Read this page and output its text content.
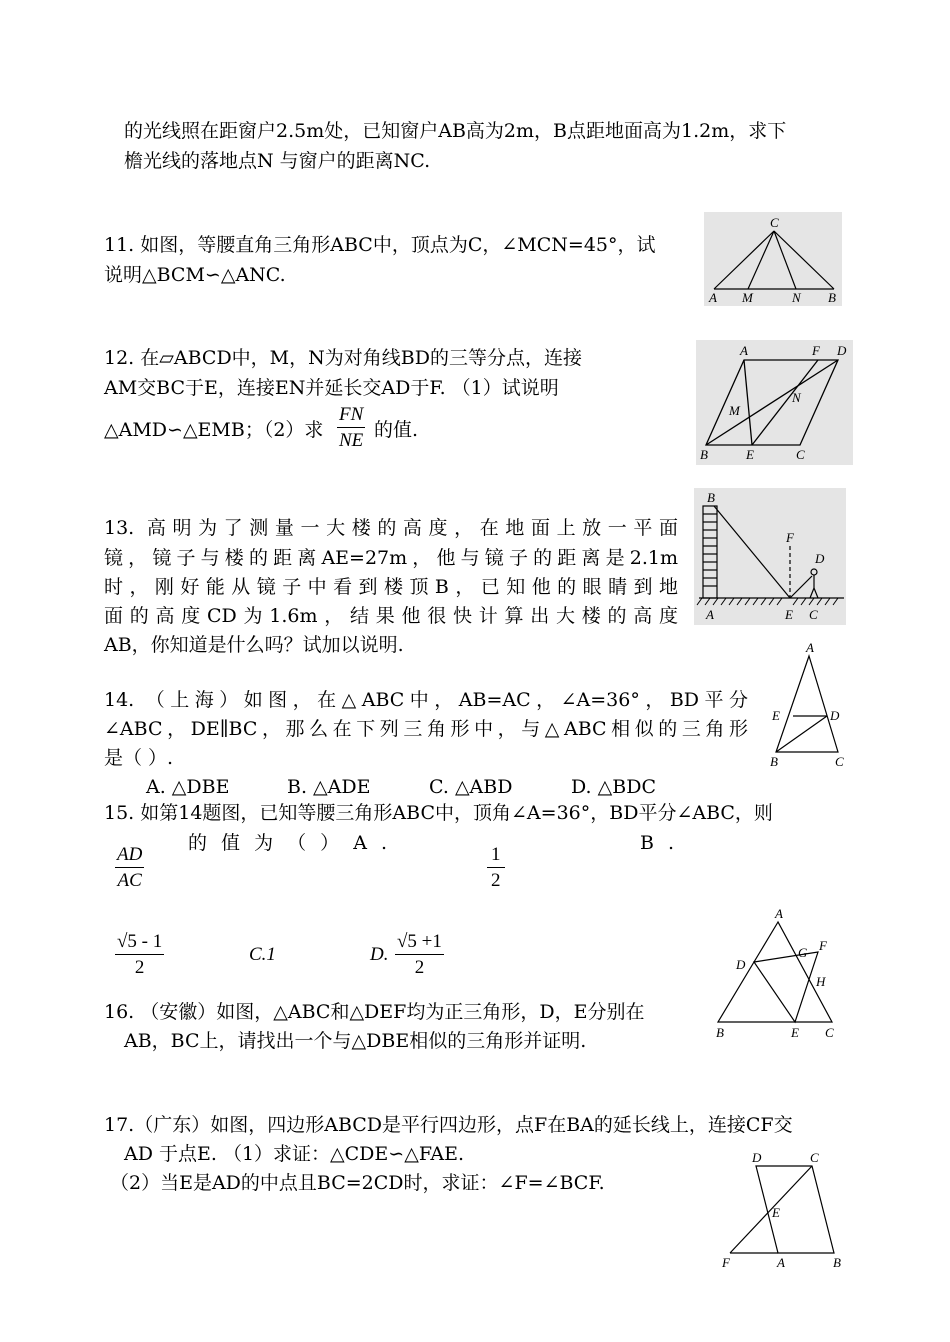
的光线照在距窗户2.5m处，已知窗户AB高为2m，B点距地面高为1.2m，求下
檐光线的落地点N 与窗户的距离NC.
11. 如图，等腰直角三角形ABC中，顶点为C，∠MCN=45°，试
说明△BCM∽△ANC.
C
A M	N B
12. 在▱ABCD中，M，N为对角线BD的三等分点，连接
AM交BC于E，连接EN并延长交AD于F. （1）试说明
△AMD∽△EMB；（2）求 $\frac{FN}{NE}$ 的值.
A	F D
M
N
B	E	C
13. 高明为了测量一大楼的高度，在地面上放一平面
镜，镜子与楼的距离AE=27m，他与镜子的距离是2.1m
时，刚好能从镜子中看到楼顶B，已知他的眼睛到地
面的高度CD为1.6m，结果他很快计算出大楼的高度
AB，你知道是什么吗？试加以说明.
B
F
D
A	E C
14. （上海）如图，在△ABC中，AB=AC，∠A=36°，BD平分
∠ABC，DE∥BC，那么在下列三角形中，与△ABC相似的三角形
是（ ）.
A. △DBE	B. △ADE	C. △ABD	D. △BDC
A
E	D
B	C
15. 如第14题图，已知等腰三角形ABC中，顶角∠A=36°，BD平分∠ABC，则
的 值 为 （ ） A .	B .
$\frac{AD}{AC}$	$\frac{1}{2}$
$\frac{√5 - 1}{2}$	C.1	D. $\frac{√5 +1}{2}$
16. （安徽）如图，△ABC和△DEF均为正三角形，D，E分别在
AB，BC上，请找出一个与△DBE相似的三角形并证明.
A
G F
D
H
B	E C
17.（广东）如图，四边形ABCD是平行四边形，点F在BA的延长线上，连接CF交
AD 于点E. （1）求证：△CDE∽△FAE.
（2）当E是AD的中点且BC=2CD时，求证：∠F=∠BCF.
D	C
E
F	A	B
